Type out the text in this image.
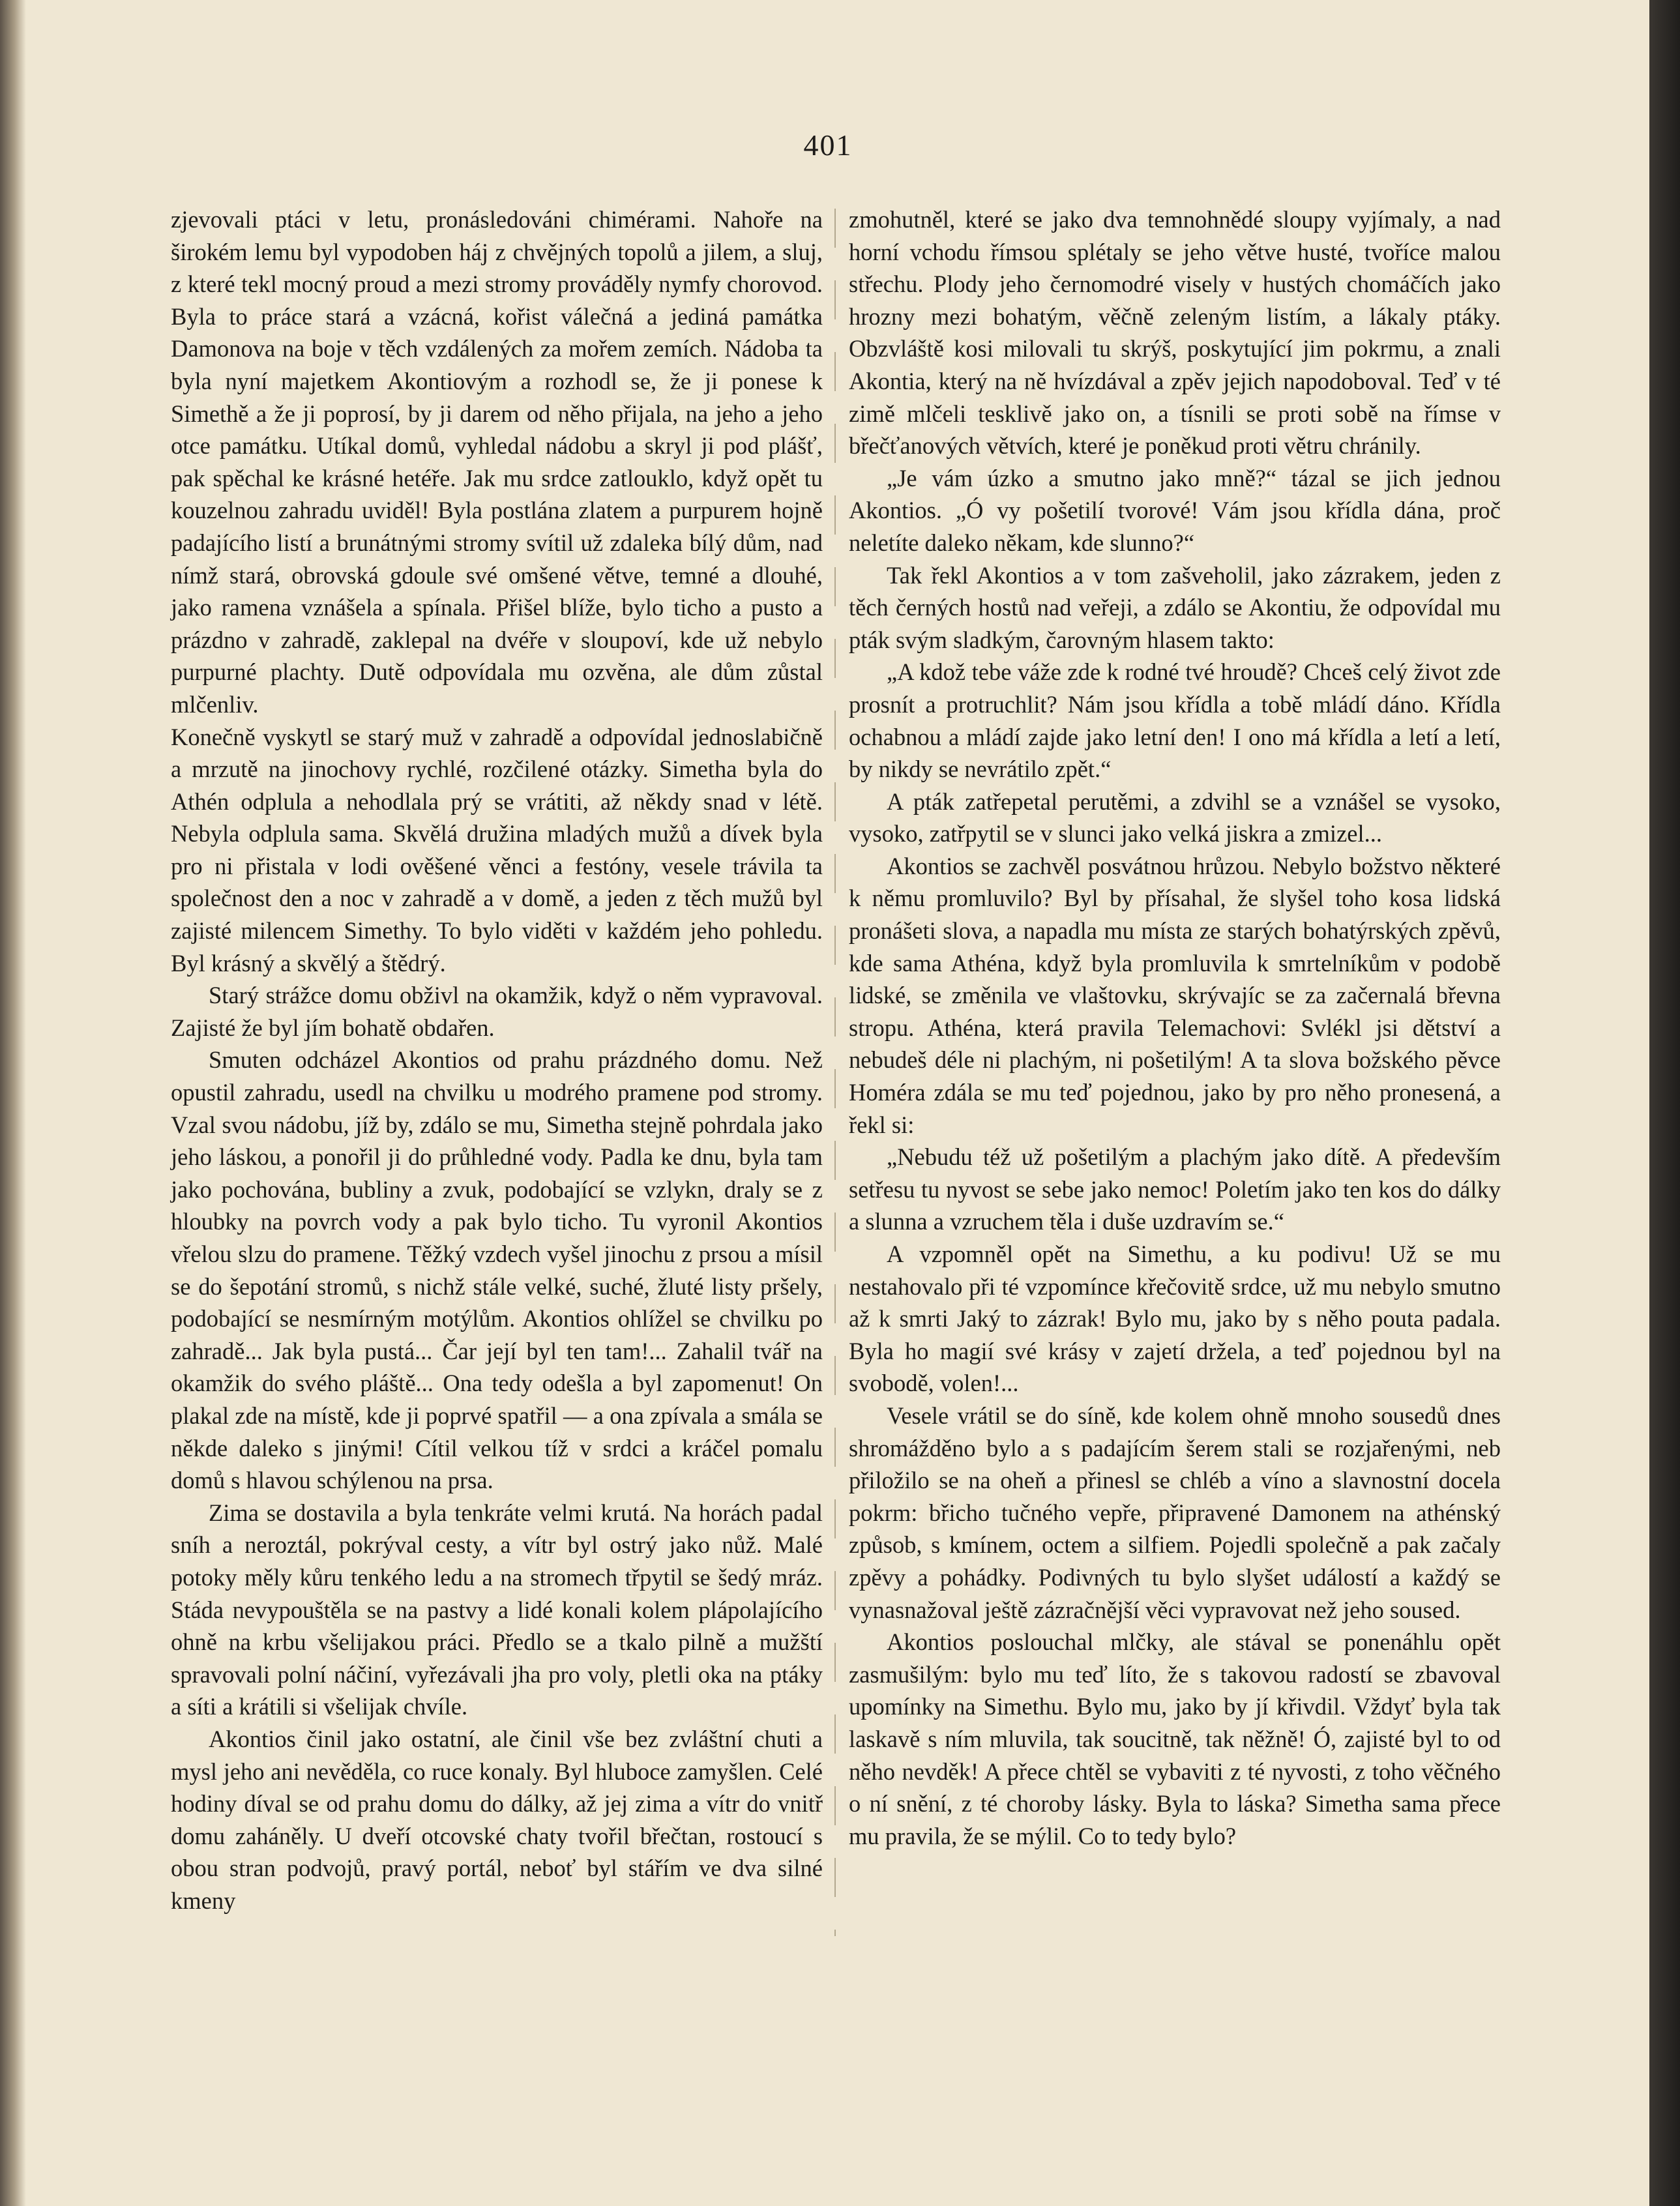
401

zjevovali ptáci v letu, pronásledováni chimérami. Nahoře na širokém lemu byl vypodoben háj z chvějných topolů a jilem, a sluj, z které tekl mocný proud a mezi stromy prováděly nymfy chorovod. Byla to práce stará a vzácná, kořist válečná a jediná památka Damonova na boje v těch vzdálených za mořem zemích. Nádoba ta byla nyní majetkem Akontiovým a rozhodl se, že ji ponese k Simethě a že ji poprosí, by ji darem od něho přijala, na jeho a jeho otce památku. Utíkal domů, vyhledal nádobu a skryl ji pod plášť, pak spěchal ke krásné hetéře. Jak mu srdce zatlouklo, když opět tu kouzelnou zahradu uviděl! Byla postlána zlatem a purpurem hojně padajícího listí a brunátnými stromy svítil už zdaleka bílý dům, nad nímž stará, obrovská gdoule své omšené větve, temné a dlouhé, jako ramena vznášela a spínala. Přišel blíže, bylo ticho a pusto a prázdno v zahradě, zaklepal na dvéře v sloupoví, kde už nebylo purpurné plachty. Dutě odpovídala mu ozvěna, ale dům zůstal mlčenliv.

Konečně vyskytl se starý muž v zahradě a odpovídal jednoslabičně a mrzutě na jinochovy rychlé, rozčilené otázky. Simetha byla do Athén odplula a nehodlala prý se vrátiti, až někdy snad v létě. Nebyla odplula sama. Skvělá družina mladých mužů a dívek byla pro ni přistala v lodi ověšené věnci a festóny, vesele trávila ta společnost den a noc v zahradě a v domě, a jeden z těch mužů byl zajisté milencem Simethy. To bylo viděti v každém jeho pohledu. Byl krásný a skvělý a štědrý.

Starý strážce domu obživl na okamžik, když o něm vypravoval. Zajisté že byl jím bohatě obdařen.

Smuten odcházel Akontios od prahu prázdného domu. Než opustil zahradu, usedl na chvilku u modrého pramene pod stromy. Vzal svou nádobu, jíž by, zdálo se mu, Simetha stejně pohrdala jako jeho láskou, a ponořil ji do průhledné vody. Padla ke dnu, byla tam jako pochována, bubliny a zvuk, podobající se vzlykn, draly se z hloubky na povrch vody a pak bylo ticho. Tu vyronil Akontios vřelou slzu do pramene. Těžký vzdech vyšel jinochu z prsou a mísil se do šepotání stromů, s nichž stále velké, suché, žluté listy pršely, podobající se nesmírným motýlům. Akontios ohlížel se chvilku po zahradě... Jak byla pustá... Čar její byl ten tam!... Zahalil tvář na okamžik do svého pláště... Ona tedy odešla a byl zapomenut! On plakal zde na místě, kde ji poprvé spatřil — a ona zpívala a smála se někde daleko s jinými! Cítil velkou tíž v srdci a kráčel pomalu domů s hlavou schýlenou na prsa.

Zima se dostavila a byla tenkráte velmi krutá. Na horách padal sníh a neroztál, pokrýval cesty, a vítr byl ostrý jako nůž. Malé potoky měly kůru tenkého ledu a na stromech třpytil se šedý mráz. Stáda nevypouštěla se na pastvy a lidé konali kolem plápolajícího ohně na krbu všelijakou práci. Předlo se a tkalo pilně a mužští spravovali polní náčiní, vyřezávali jha pro voly, pletli oka na ptáky a síti a krátili si všelijak chvíle.

Akontios činil jako ostatní, ale činil vše bez zvláštní chuti a mysl jeho ani nevěděla, co ruce konaly. Byl hluboce zamyšlen. Celé hodiny díval se od prahu domu do dálky, až jej zima a vítr do vnitř domu zaháněly. U dveří otcovské chaty tvořil břečtan, rostoucí s obou stran podvojů, pravý portál, neboť byl stářím ve dva silné kmeny

zmohutněl, které se jako dva temnohnědé sloupy vyjímaly, a nad horní vchodu římsou splétaly se jeho větve husté, tvoříce malou střechu. Plody jeho černomodré visely v hustých chomáčích jako hrozny mezi bohatým, věčně zeleným listím, a lákaly ptáky. Obzvláště kosi milovali tu skrýš, poskytující jim pokrmu, a znali Akontia, který na ně hvízdával a zpěv jejich napodoboval. Teď v té zimě mlčeli tesklivě jako on, a tísnili se proti sobě na římse v břečťanových větvích, které je poněkud proti větru chránily.

„Je vám úzko a smutno jako mně?“ tázal se jich jednou Akontios. „Ó vy pošetilí tvorové! Vám jsou křídla dána, proč neletíte daleko někam, kde slunno?“

Tak řekl Akontios a v tom zašveholil, jako zázrakem, jeden z těch černých hostů nad veřeji, a zdálo se Akontiu, že odpovídal mu pták svým sladkým, čarovným hlasem takto:

„A kdož tebe váže zde k rodné tvé hroudě? Chceš celý život zde prosnít a protruchlit? Nám jsou křídla a tobě mládí dáno. Křídla ochabnou a mládí zajde jako letní den! I ono má křídla a letí a letí, by nikdy se nevrátilo zpět.“

A pták zatřepetal perutěmi, a zdvihl se a vznášel se vysoko, vysoko, zatřpytil se v slunci jako velká jiskra a zmizel...

Akontios se zachvěl posvátnou hrůzou. Nebylo božstvo některé k němu promluvilo? Byl by přísahal, že slyšel toho kosa lidská pronášeti slova, a napadla mu místa ze starých bohatýrských zpěvů, kde sama Athéna, když byla promluvila k smrtelníkům v podobě lidské, se změnila ve vlaštovku, skrývajíc se za začernalá břevna stropu. Athéna, která pravila Telemachovi: Svlékl jsi dětství a nebudeš déle ni plachým, ni pošetilým! A ta slova božského pěvce Homéra zdála se mu teď pojednou, jako by pro něho pronesená, a řekl si:

„Nebudu též už pošetilým a plachým jako dítě. A především setřesu tu nyvost se sebe jako nemoc! Poletím jako ten kos do dálky a slunna a vzruchem těla i duše uzdravím se.“

A vzpomněl opět na Simethu, a ku podivu! Už se mu nestahovalo při té vzpomínce křečovitě srdce, už mu nebylo smutno až k smrti Jaký to zázrak! Bylo mu, jako by s něho pouta padala. Byla ho magií své krásy v zajetí držela, a teď pojednou byl na svobodě, volen!...

Vesele vrátil se do síně, kde kolem ohně mnoho sousedů dnes shromážděno bylo a s padajícím šerem stali se rozjařenými, neb přiložilo se na oheň a přinesl se chléb a víno a slavnostní docela pokrm: břicho tučného vepře, připravené Damonem na athénský způsob, s kmínem, octem a silfiem. Pojedli společně a pak začaly zpěvy a pohádky. Podivných tu bylo slyšet událostí a každý se vynasnažoval ještě zázračnější věci vypravovat než jeho soused.

Akontios poslouchal mlčky, ale stával se ponenáhlu opět zasmušilým: bylo mu teď líto, že s takovou radostí se zbavoval upomínky na Simethu. Bylo mu, jako by jí křivdil. Vždyť byla tak laskavě s ním mluvila, tak soucitně, tak něžně! Ó, zajisté byl to od něho nevděk! A přece chtěl se vybaviti z té nyvosti, z toho věčného o ní snění, z té choroby lásky. Byla to láska? Simetha sama přece mu pravila, že se mýlil. Co to tedy bylo?
